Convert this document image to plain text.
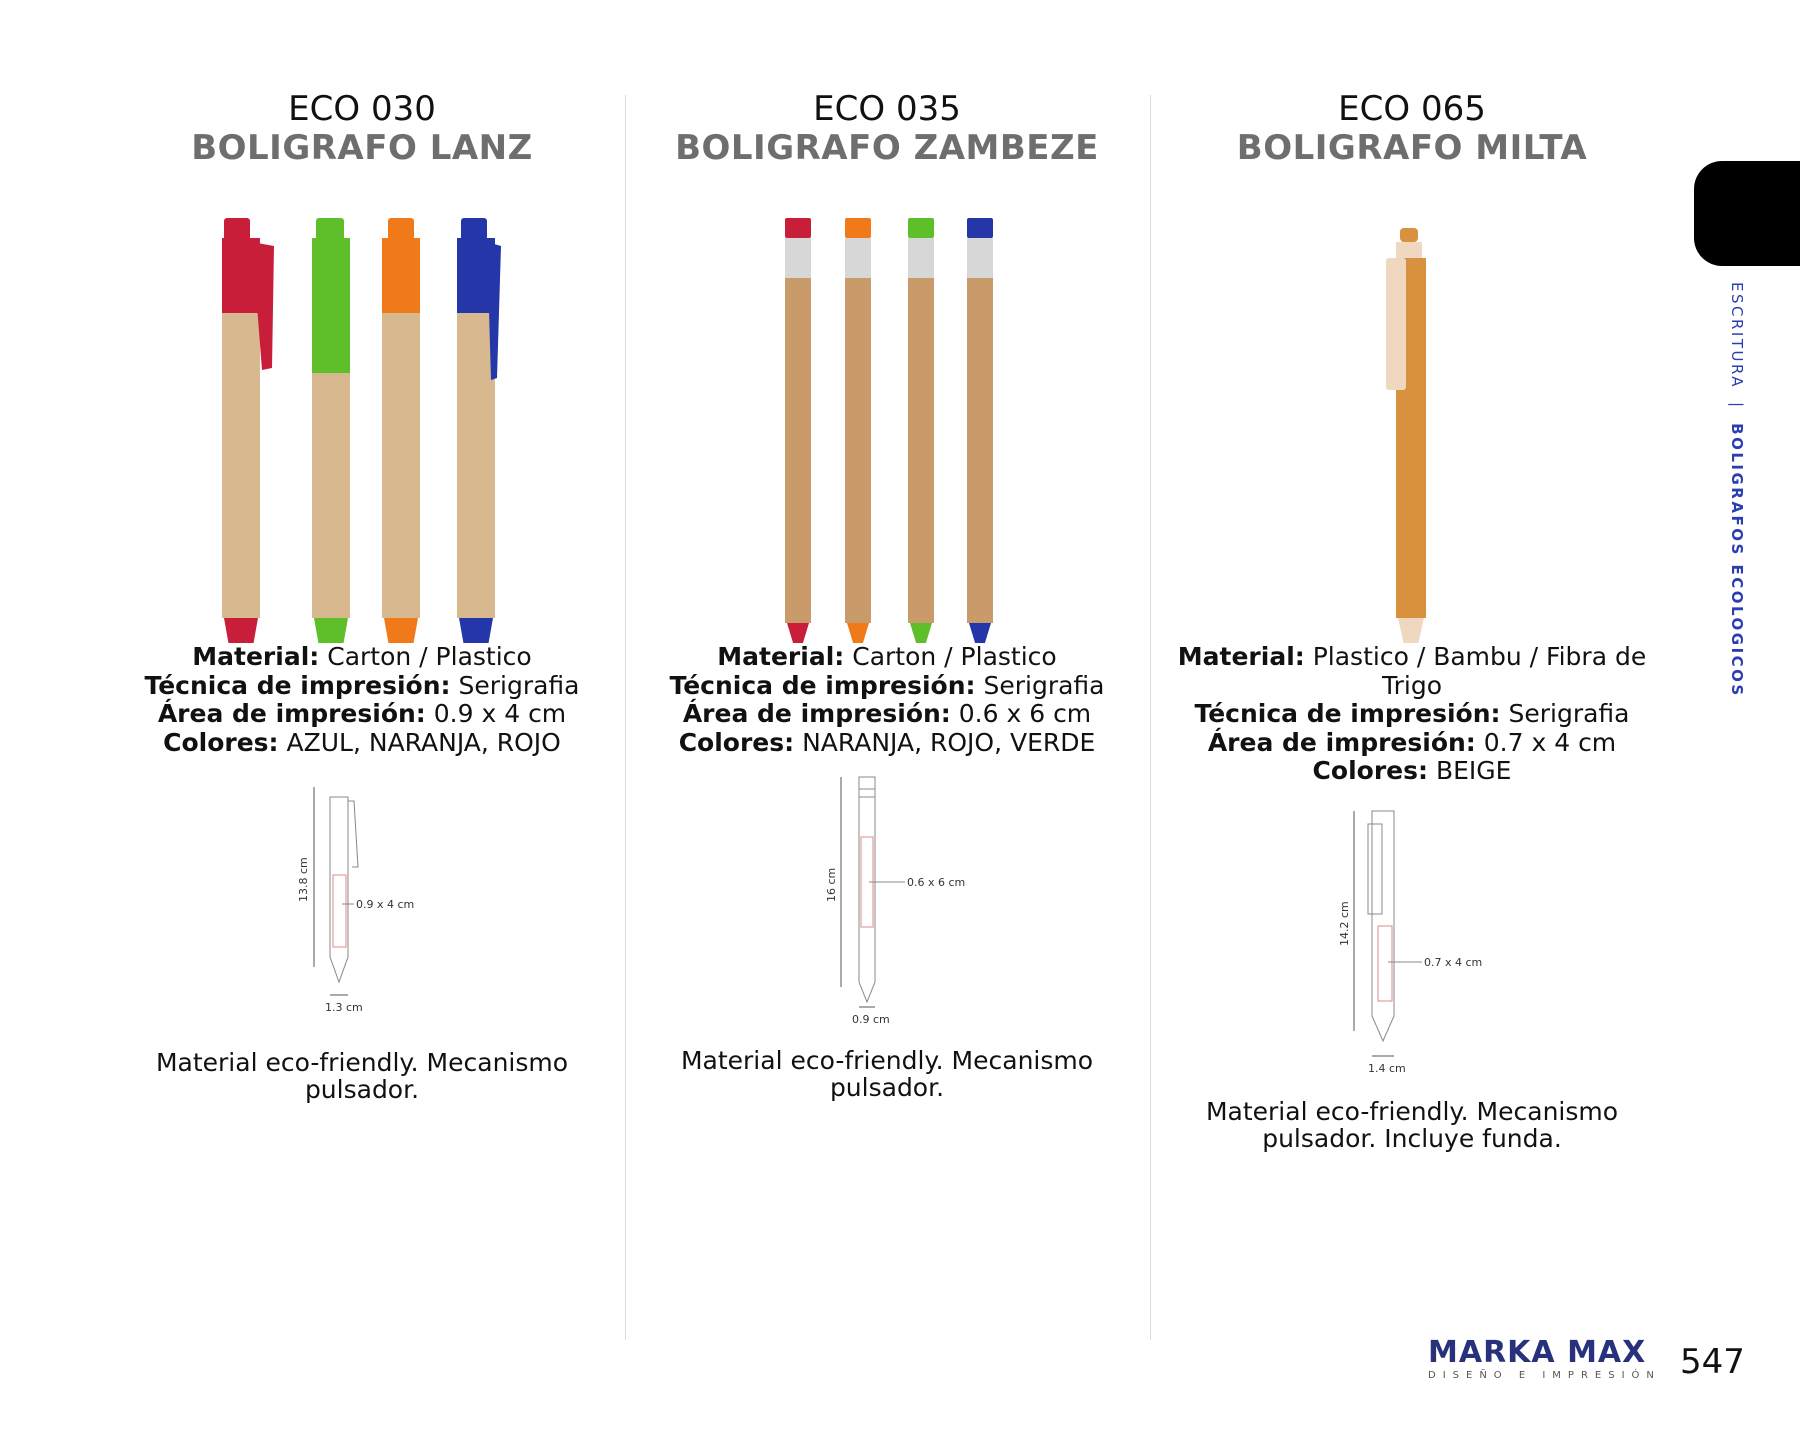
ECO 030
BOLIGRAFO LANZ
Material: Carton / Plastico
Técnica de impresión: Serigrafia
Área de impresión: 0.9 x 4 cm
Colores: AZUL, NARANJA, ROJO
13.8 cm
0.9 x 4 cm
1.3 cm
Material eco-friendly. Mecanismo pulsador.
ECO 035
BOLIGRAFO ZAMBEZE
Material: Carton / Plastico
Técnica de impresión: Serigrafia
Área de impresión: 0.6 x 6 cm
Colores: NARANJA, ROJO, VERDE
16 cm	0.6 x 6 cm
0.9 cm
Material eco-friendly. Mecanismo pulsador.
ECO 065
BOLIGRAFO MILTA
Material: Plastico / Bambu / Fibra de Trigo
Técnica de impresión: Serigrafia
Área de impresión: 0.7 x 4 cm
Colores: BEIGE
14.2 cm
0.7 x 4 cm
1.4 cm
Material eco-friendly. Mecanismo pulsador. Incluye funda.
ESCRITURA | BOLIGRAFOS ECOLOGICOS
MARKA MAX
DISEÑO E IMPRESIÓN 547
